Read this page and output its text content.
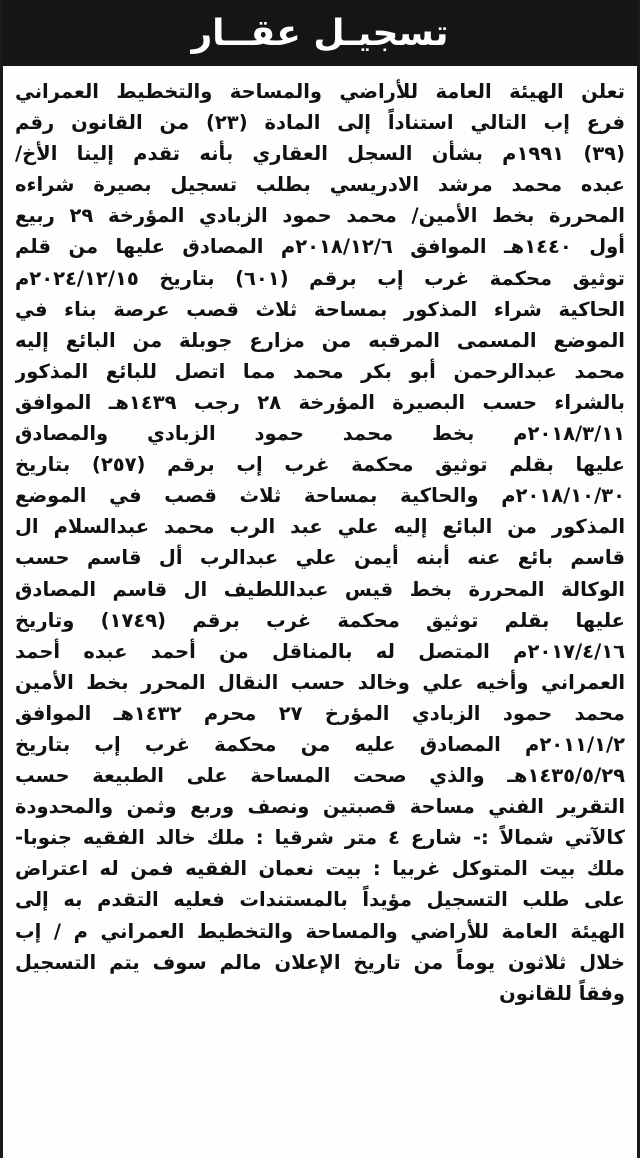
تسجيـل عقــار
تعلن الهيئة العامة للأراضي والمساحة والتخطيط العمراني
فرع إب التالي استناداً إلى المادة (٢٣) من القانون رقم
(٣٩) ١٩٩١م بشأن السجل العقاري بأنه تقدم إلينا الأخ/
عبده محمد مرشد الادريسي بطلب تسجيل بصيرة شراءه
المحررة بخط الأمين/ محمد حمود الزبادي المؤرخة ٢٩ ربيع
أول ١٤٤٠هـ الموافق ٢٠١٨/١٢/٦م المصادق عليها من قلم
توثيق محكمة غرب إب برقم (٦٠١) بتاريخ ٢٠٢٤/١٢/١٥م
الحاكية شراء المذكور بمساحة ثلاث قصب عرصة بناء في
الموضع المسمى المرقبه من مزارع جوبلة من البائع إليه
محمد عبدالرحمن أبو بكر محمد مما اتصل للبائع المذكور
بالشراء حسب البصيرة المؤرخة ٢٨ رجب ١٤٣٩هـ الموافق
٢٠١٨/٣/١١م بخط محمد حمود الزبادي والمصادق
عليها بقلم توثيق محكمة غرب إب برقم (٢٥٧) بتاريخ
٢٠١٨/١٠/٣٠م والحاكية بمساحة ثلاث قصب في الموضع
المذكور من البائع إليه علي عبد الرب محمد عبدالسلام ال
قاسم بائع عنه أبنه أيمن علي عبدالرب أل قاسم حسب
الوكالة المحررة بخط قيس عبداللطيف ال قاسم المصادق
عليها بقلم توثيق محكمة غرب برقم (١٧٤٩) وتاريخ
٢٠١٧/٤/١٦م المتصل له بالمناقل من أحمد عبده أحمد
العمراني وأخيه علي وخالد حسب النقال المحرر بخط الأمين
محمد حمود الزبادي المؤرخ ٢٧ محرم ١٤٣٢هـ الموافق
٢٠١١/١/٢م المصادق عليه من محكمة غرب إب بتاريخ
١٤٣٥/٥/٢٩هـ والذي صحت المساحة على الطبيعة حسب
التقرير الفني مساحة قصبتين ونصف وربع وثمن والمحدودة
كالآتي شمالاً :- شارع ٤ متر شرقيا : ملك خالد الفقيه جنوبا-
ملك بيت المتوكل غربيا : بيت نعمان الفقيه فمن له اعتراض
على طلب التسجيل مؤيداً بالمستندات فعليه التقدم به إلى
الهيئة العامة للأراضي والمساحة والتخطيط العمراني م / إب
خلال ثلاثون يوماً من تاريخ الإعلان مالم سوف يتم التسجيل
وفقاً للقانون
